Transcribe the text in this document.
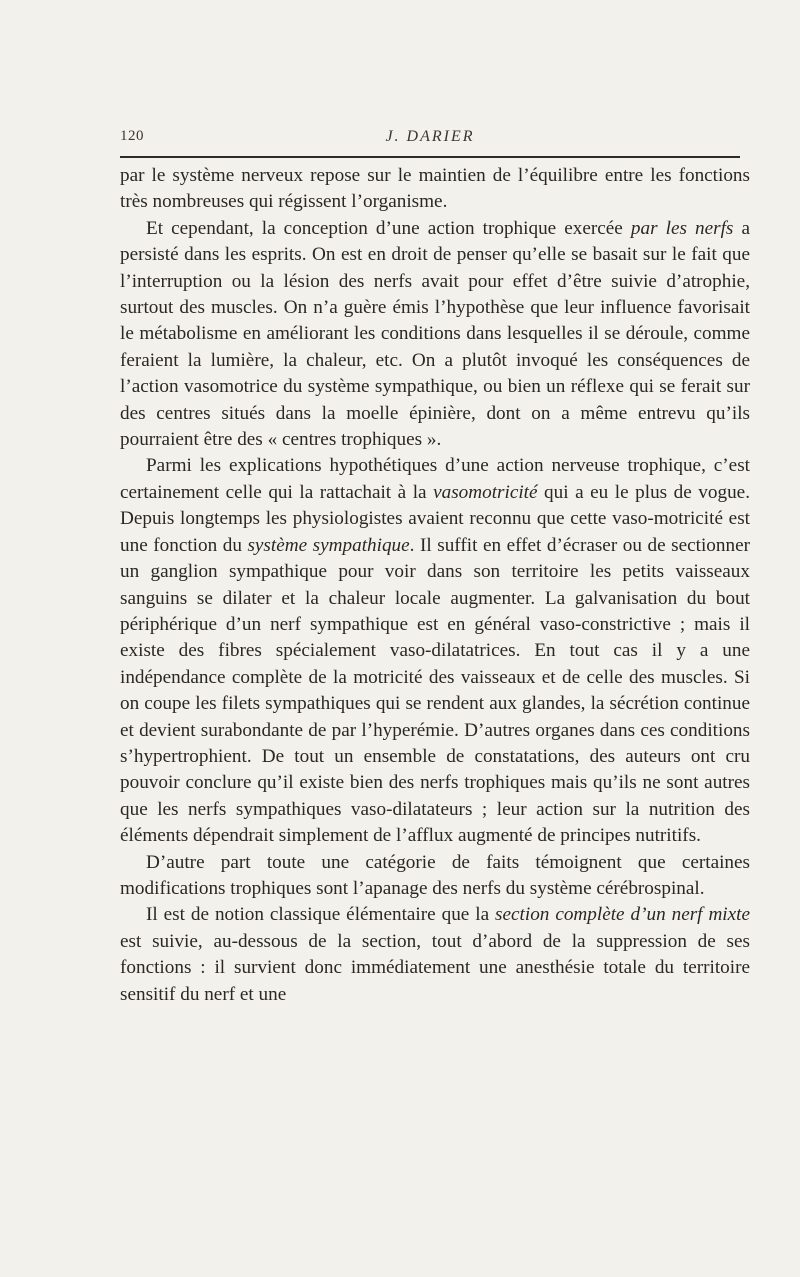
120	J. DARIER

par le système nerveux repose sur le maintien de l’équilibre entre les fonctions très nombreuses qui régissent l’organisme.

Et cependant, la conception d’une action trophique exercée par les nerfs a persisté dans les esprits. On est en droit de penser qu’elle se basait sur le fait que l’interruption ou la lésion des nerfs avait pour effet d’être suivie d’atrophie, surtout des muscles. On n’a guère émis l’hypothèse que leur influence favorisait le métabolisme en améliorant les conditions dans lesquelles il se déroule, comme feraient la lumière, la chaleur, etc. On a plutôt invoqué les conséquences de l’action vasomotrice du système sympathique, ou bien un réflexe qui se ferait sur des centres situés dans la moelle épinière, dont on a même entrevu qu’ils pourraient être des « centres trophiques ».

Parmi les explications hypothétiques d’une action nerveuse trophique, c’est certainement celle qui la rattachait à la vasomotricité qui a eu le plus de vogue. Depuis longtemps les physiologistes avaient reconnu que cette vaso-motricité est une fonction du système sympathique. Il suffit en effet d’écraser ou de sectionner un ganglion sympathique pour voir dans son territoire les petits vaisseaux sanguins se dilater et la chaleur locale augmenter. La galvanisation du bout périphérique d’un nerf sympathique est en général vaso-constrictive ; mais il existe des fibres spécialement vaso-dilatatrices. En tout cas il y a une indépendance complète de la motricité des vaisseaux et de celle des muscles. Si on coupe les filets sympathiques qui se rendent aux glandes, la sécrétion continue et devient surabondante de par l’hyperémie. D’autres organes dans ces conditions s’hypertrophient. De tout un ensemble de constatations, des auteurs ont cru pouvoir conclure qu’il existe bien des nerfs trophiques mais qu’ils ne sont autres que les nerfs sympathiques vaso-dilatateurs ; leur action sur la nutrition des éléments dépendrait simplement de l’afflux augmenté de principes nutritifs.

D’autre part toute une catégorie de faits témoignent que certaines modifications trophiques sont l’apanage des nerfs du système cérébrospinal.

Il est de notion classique élémentaire que la section complète d’un nerf mixte est suivie, au-dessous de la section, tout d’abord de la suppression de ses fonctions : il survient donc immédiatement une anesthésie totale du territoire sensitif du nerf et une
